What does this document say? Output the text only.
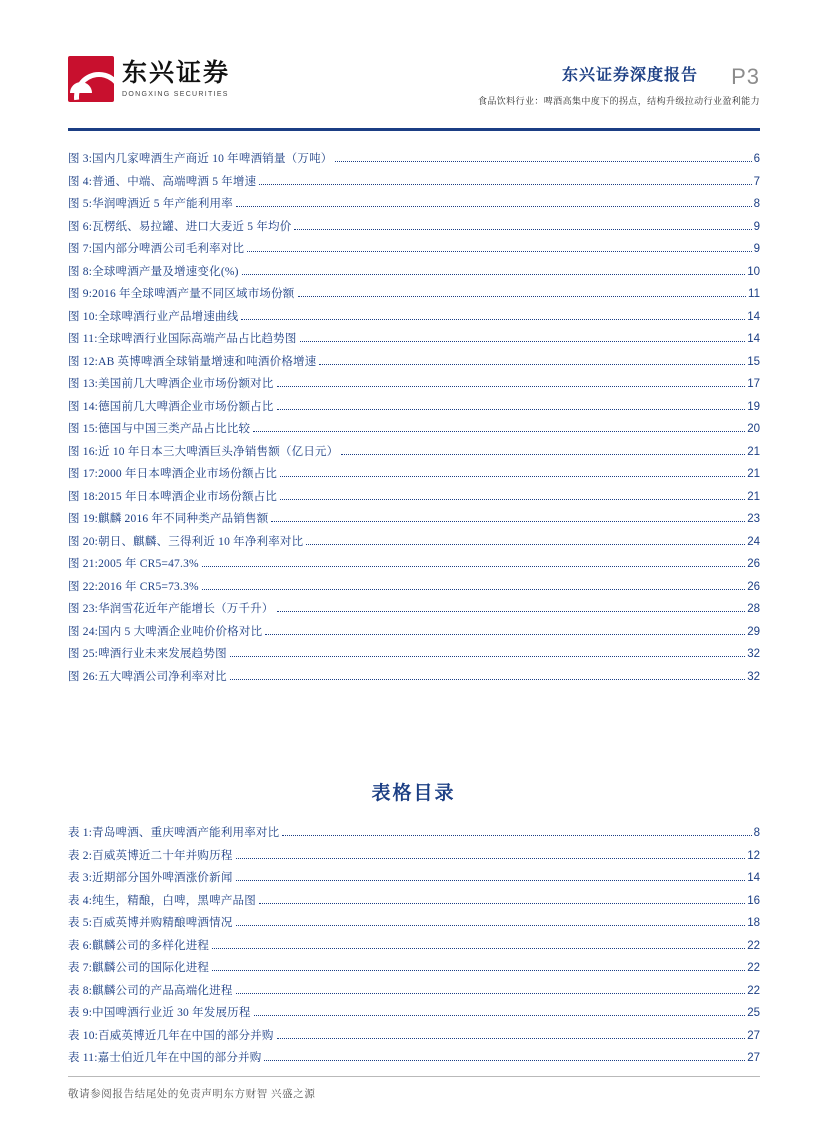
东兴证券
DONGXING SECURITIES
东兴证券深度报告
食品饮料行业：啤酒高集中度下的拐点，结构升级拉动行业盈利能力
P3
图 3:国内几家啤酒生产商近 10 年啤酒销量（万吨）	6
图 4:普通、中端、高端啤酒 5 年增速	7
图 5:华润啤酒近 5 年产能利用率	8
图 6:瓦楞纸、易拉罐、进口大麦近 5 年均价	9
图 7:国内部分啤酒公司毛利率对比	9
图 8:全球啤酒产量及增速变化(%)	10
图 9:2016 年全球啤酒产量不同区域市场份额	11
图 10:全球啤酒行业产品增速曲线	14
图 11:全球啤酒行业国际高端产品占比趋势图	14
图 12:AB 英博啤酒全球销量增速和吨酒价格增速	15
图 13:美国前几大啤酒企业市场份额对比	17
图 14:德国前几大啤酒企业市场份额占比	19
图 15:德国与中国三类产品占比比较	20
图 16:近 10 年日本三大啤酒巨头净销售额（亿日元）	21
图 17:2000 年日本啤酒企业市场份额占比	21
图 18:2015 年日本啤酒企业市场份额占比	21
图 19:麒麟 2016 年不同种类产品销售额	23
图 20:朝日、麒麟、三得利近 10 年净利率对比	24
图 21:2005 年 CR5=47.3%	26
图 22:2016 年 CR5=73.3%	26
图 23:华润雪花近年产能增长（万千升）	28
图 24:国内 5 大啤酒企业吨价价格对比	29
图 25:啤酒行业未来发展趋势图	32
图 26:五大啤酒公司净利率对比	32
表格目录
表 1:青岛啤酒、重庆啤酒产能利用率对比	8
表 2:百威英博近二十年并购历程	12
表 3:近期部分国外啤酒涨价新闻	14
表 4:纯生，精酿，白啤，黑啤产品图	16
表 5:百威英博并购精酿啤酒情况	18
表 6:麒麟公司的多样化进程	22
表 7:麒麟公司的国际化进程	22
表 8:麒麟公司的产品高端化进程	22
表 9:中国啤酒行业近 30 年发展历程	25
表 10:百威英博近几年在中国的部分并购	27
表 11:嘉士伯近几年在中国的部分并购	27
敬请参阅报告结尾处的免责声明东方财智 兴盛之源
